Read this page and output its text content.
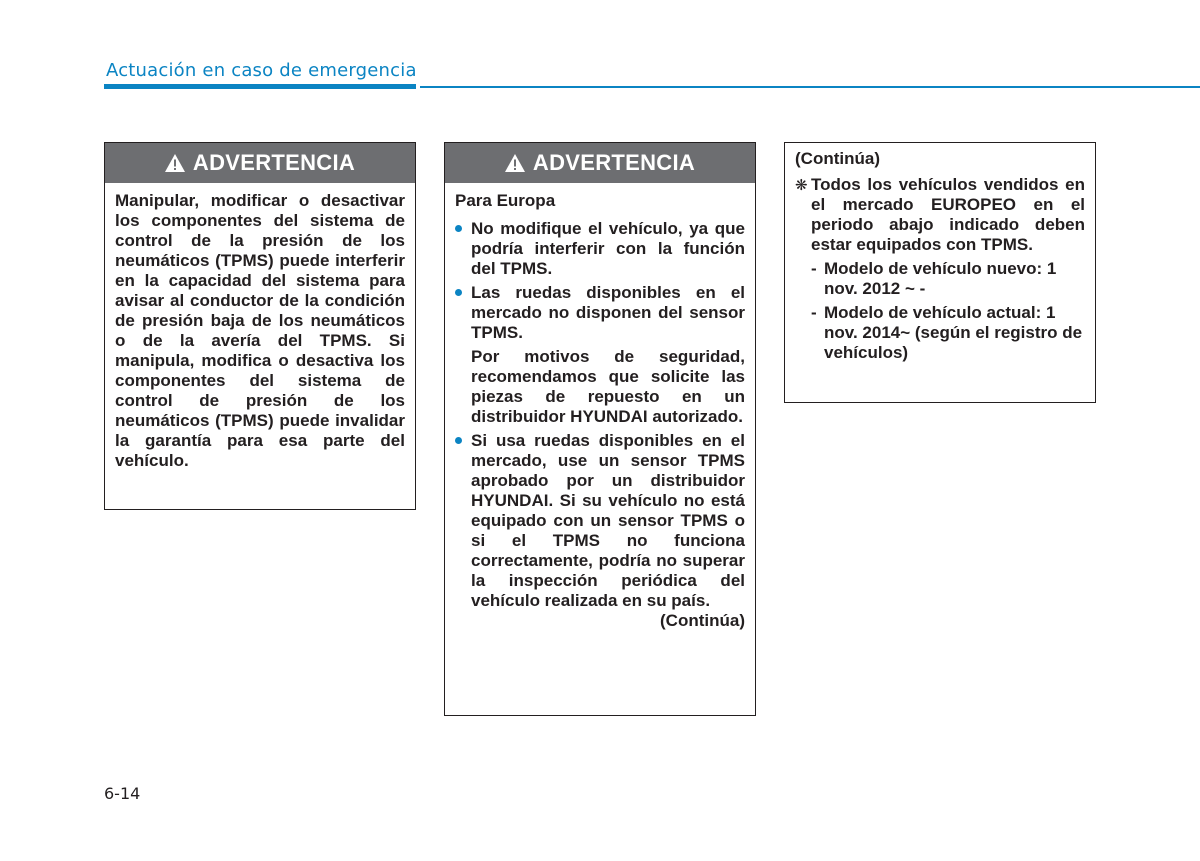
Actuación en caso de emergencia
ADVERTENCIA

Manipular, modificar o desactivar los componentes del sistema de control de la presión de los neumáticos (TPMS) puede interferir en la capacidad del sistema para avisar al conductor de la condición de presión baja de los neumáticos o de la avería del TPMS. Si manipula, modifica o desactiva los componentes del sistema de control de presión de los neumáticos (TPMS) puede invalidar la garantía para esa parte del vehículo.

ADVERTENCIA

Para Europa

No modifique el vehículo, ya que podría interferir con la función del TPMS.
Las ruedas disponibles en el mercado no disponen del sensor TPMS.

Por motivos de seguridad, recomendamos que solicite las piezas de repuesto en un distribuidor HYUNDAI autorizado.

Si usa ruedas disponibles en el mercado, use un sensor TPMS aprobado por un distribuidor HYUNDAI. Si su vehículo no está equipado con un sensor TPMS o si el TPMS no funciona correctamente, podría no superar la inspección periódica del vehículo realizada en su país.

(Continúa)

(Continúa)

❋ Todos los vehículos vendidos en el mercado EUROPEO en el periodo abajo indicado deben estar equipados con TPMS.
- Modelo de vehículo nuevo: 1 nov. 2012 ~ -
- Modelo de vehículo actual: 1 nov. 2014~ (según el registro de vehículos)
6-14
